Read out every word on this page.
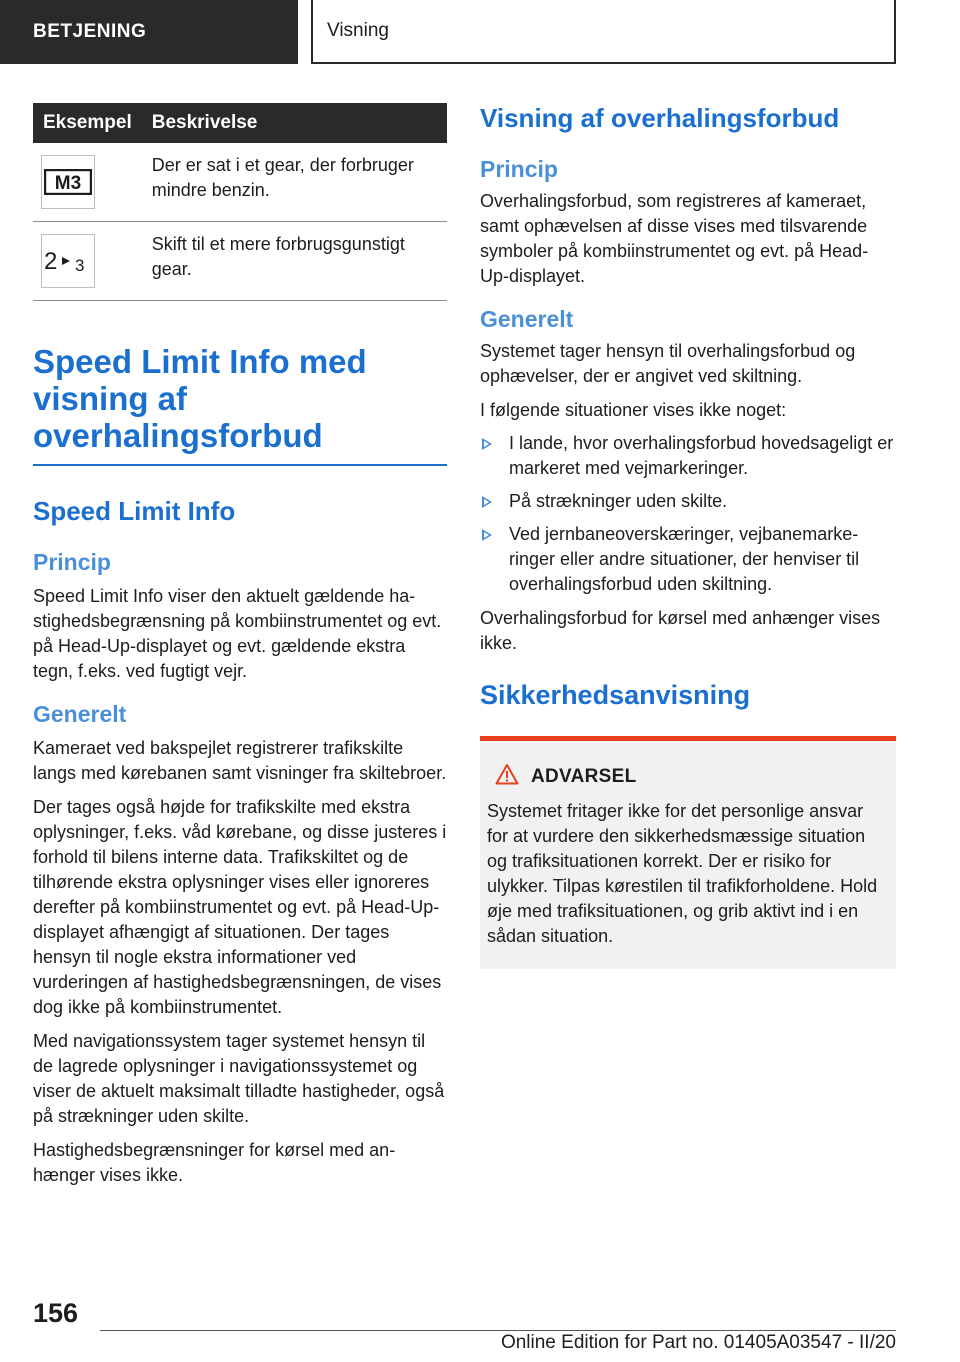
BETJENING	Visning
Eksempel	Beskrivelse

M3	Der er sat i et gear, der forbruger mindre benzin.

2 3	Skift til et mere forbrugsgunstigt gear.
Speed Limit Info med visning af overhalingsforbud
Speed Limit Info
Princip

Speed Limit Info viser den aktuelt gældende hastighedsbegrænsning på kombiinstrumentet og evt. på Head-Up-displayet og evt. gældende ekstra tegn, f.eks. ved fugtigt vejr.

Generelt

Kameraet ved bakspejlet registrerer trafikskilte langs med kørebanen samt visninger fra skiltebroer.

Der tages også højde for trafikskilte med ekstra oplysninger, f.eks. våd kørebane, og disse justeres i forhold til bilens interne data. Trafikskiltet og de tilhørende ekstra oplysninger vises eller ignoreres derefter på kombiinstrumentet og evt. på Head-Up-displayet afhængigt af situationen. Der tages hensyn til nogle ekstra informationer ved vurderingen af hastighedsbegrænsningen, de vises dog ikke på kombiinstrumentet.

Med navigationssystem tager systemet hensyn til de lagrede oplysninger i navigationssystemet og viser de aktuelt maksimalt tilladte hastigheder, også på strækninger uden skilte.

Hastighedsbegrænsninger for kørsel med anhænger vises ikke.

Visning af overhalingsforbud
Princip

Overhalingsforbud, som registreres af kameraet, samt ophævelsen af disse vises med tilsvarende symboler på kombiinstrumentet og evt. på Head-Up-displayet.

Generelt

Systemet tager hensyn til overhalingsforbud og ophævelser, der er angivet ved skiltning.

I følgende situationer vises ikke noget:

I lande, hvor overhalingsforbud hovedsageligt er markeret med vejmarkeringer.
På strækninger uden skilte.
Ved jernbaneoverskæringer, vejbanemarkeringer eller andre situationer, der henviser til overhalingsforbud uden skiltning.

Overhalingsforbud for kørsel med anhænger vises ikke.

Sikkerhedsanvisning
ADVARSEL

Systemet fritager ikke for det personlige ansvar for at vurdere den sikkerhedsmæssige situation og trafiksituationen korrekt. Der er risiko for ulykker. Tilpas kørestilen til trafikforholdene. Hold øje med trafiksituationen, og grib aktivt ind i en sådan situation.

156
Online Edition for Part no. 01405A03547 - II/20
